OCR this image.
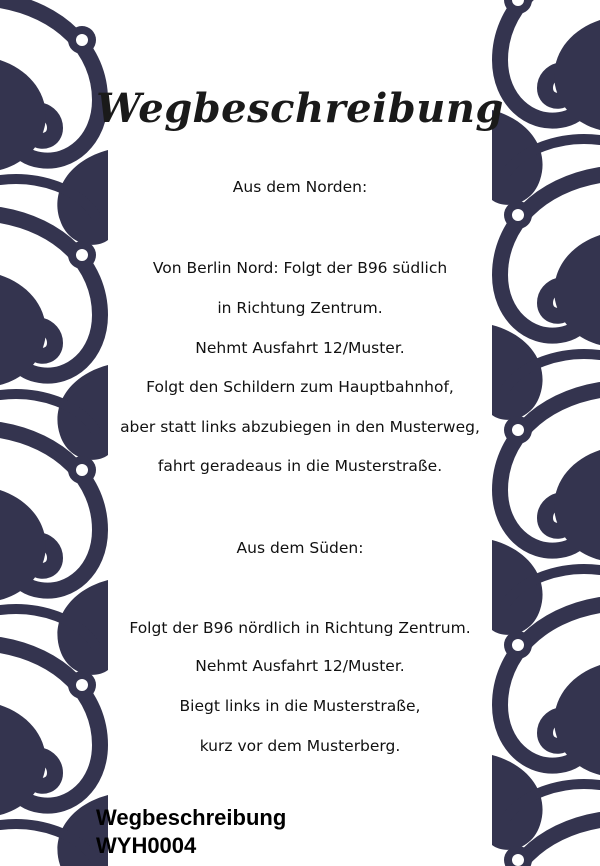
Wegbeschreibung
Aus dem Norden:
Von Berlin Nord: Folgt der B96 südlich
in Richtung Zentrum.
Nehmt Ausfahrt 12/Muster.
Folgt den Schildern zum Hauptbahnhof,
aber statt links abzubiegen in den Musterweg,
fahrt geradeaus in die Musterstraße.
Aus dem Süden:
Folgt der B96 nördlich in Richtung Zentrum.
Nehmt Ausfahrt 12/Muster.
Biegt links in die Musterstraße,
kurz vor dem Musterberg.
Wegbeschreibung
WYH0004
